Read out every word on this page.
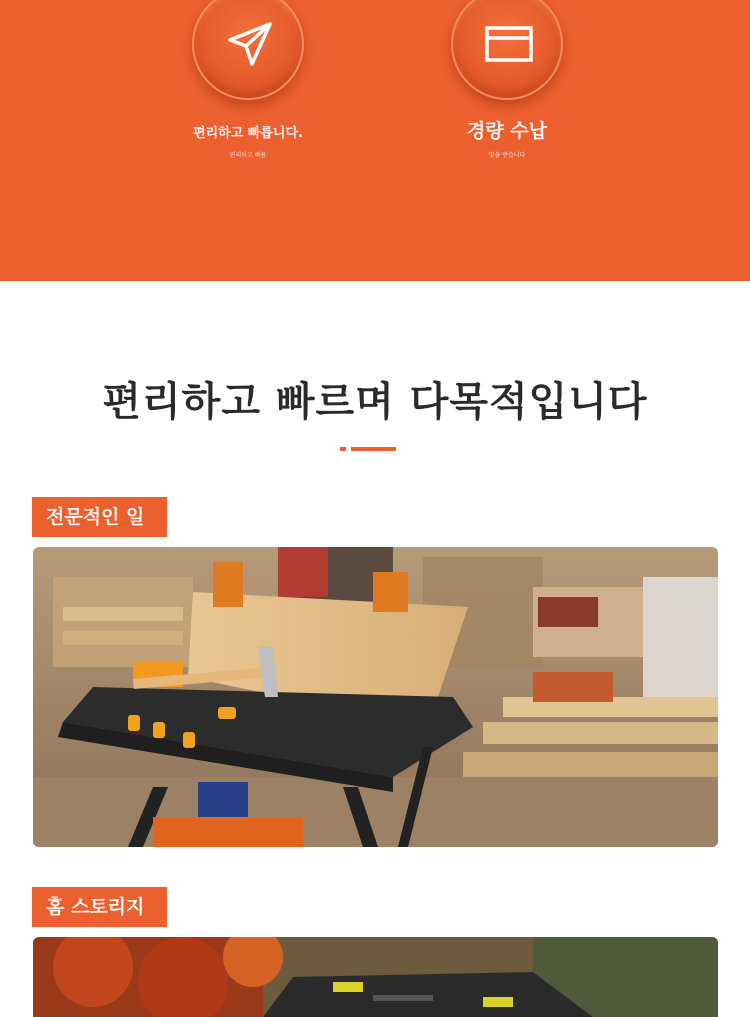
편리하고 빠릅니다.
편리하고 빠름
경량 수납
몇을 받습니다
편리하고 빠르며 다목적입니다
전문적인 일
홈 스토리지
